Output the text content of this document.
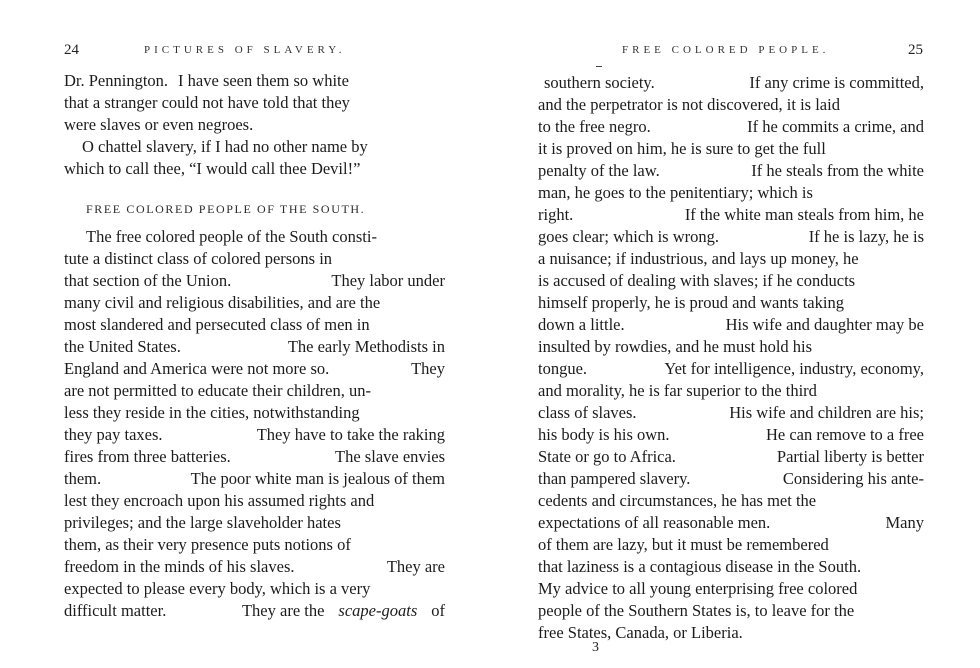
24	PICTURES OF SLAVERY.
FREE COLORED PEOPLE OF THE SOUTH.
Dr. Pennington. I have seen them so white
that a stranger could not have told that they
were slaves or even negroes.
O chattel slavery, if I had no other name by
which to call thee, “I would call thee Devil!”
The free colored people of the South consti-
tute a distinct class of colored persons in
that section of the Union.	They labor under
many civil and religious disabilities, and are the
most slandered and persecuted class of men in
the United States.	The early Methodists in
England and America were not more so.	They
are not permitted to educate their children, un-
less they reside in the cities, notwithstanding
they pay taxes.	They have to take the raking
fires from three batteries.	The slave envies
them.	The poor white man is jealous of them
lest they encroach upon his assumed rights and
privileges; and the large slaveholder hates
them, as their very presence puts notions of
freedom in the minds of his slaves.	They are
expected to please every body, which is a very
difficult matter.	They are the scape-goats of
FREE COLORED PEOPLE.	25
southern society.	If any crime is committed,
and the perpetrator is not discovered, it is laid
to the free negro.	If he commits a crime, and
it is proved on him, he is sure to get the full
penalty of the law.	If he steals from the white
man, he goes to the penitentiary; which is
right.	If the white man steals from him, he
goes clear; which is wrong.	If he is lazy, he is
a nuisance; if industrious, and lays up money, he
is accused of dealing with slaves; if he conducts
himself properly, he is proud and wants taking
down a little.	His wife and daughter may be
insulted by rowdies, and he must hold his
tongue.	Yet for intelligence, industry, economy,
and morality, he is far superior to the third
class of slaves.	His wife and children are his;
his body is his own.	He can remove to a free
State or go to Africa.	Partial liberty is better
than pampered slavery.	Considering his ante-
cedents and circumstances, he has met the
expectations of all reasonable men.	Many
of them are lazy, but it must be remembered
that laziness is a contagious disease in the South.
My advice to all young enterprising free colored
people of the Southern States is, to leave for the
free States, Canada, or Liberia.
3
